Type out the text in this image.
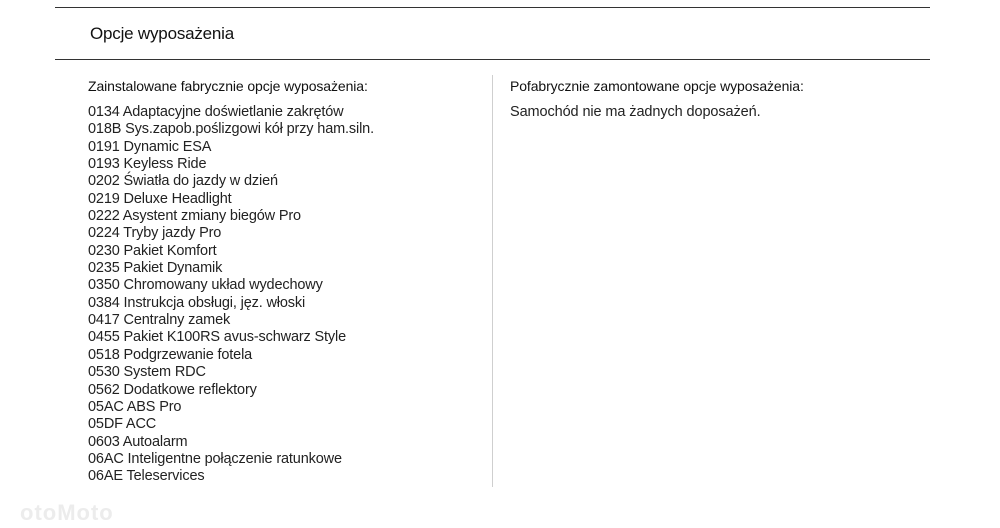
Opcje wyposażenia
Zainstalowane fabrycznie opcje wyposażenia:
0134 Adaptacyjne doświetlanie zakrętów
018B Sys.zapob.poślizgowi kół przy ham.siln.
0191 Dynamic ESA
0193 Keyless Ride
0202 Światła do jazdy w dzień
0219 Deluxe Headlight
0222 Asystent zmiany biegów Pro
0224 Tryby jazdy Pro
0230 Pakiet Komfort
0235 Pakiet Dynamik
0350 Chromowany układ wydechowy
0384 Instrukcja obsługi, jęz. włoski
0417 Centralny zamek
0455 Pakiet K100RS avus-schwarz Style
0518 Podgrzewanie fotela
0530 System RDC
0562 Dodatkowe reflektory
05AC ABS Pro
05DF ACC
0603 Autoalarm
06AC Inteligentne połączenie ratunkowe
06AE Teleservices
Pofabrycznie zamontowane opcje wyposażenia:
Samochód nie ma żadnych doposażeń.
otoMoto
